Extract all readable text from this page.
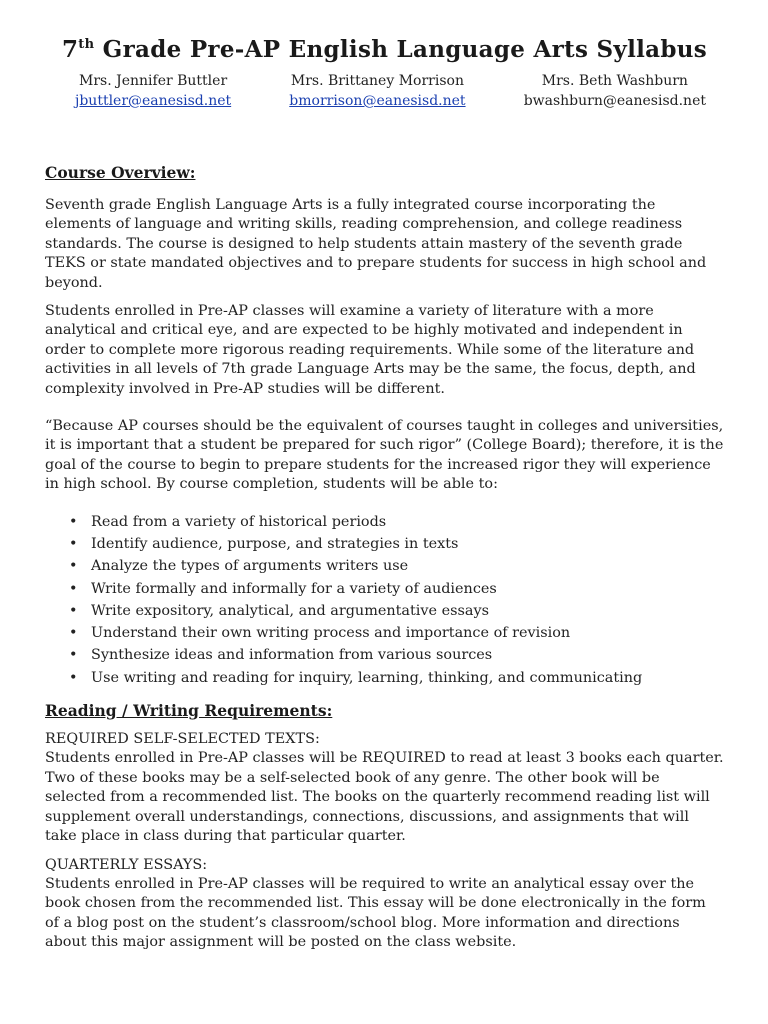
7th Grade Pre-AP English Language Arts Syllabus
Mrs. Jennifer Buttler
jbuttler@eanesisd.net
Mrs. Brittaney Morrison
bmorrison@eanesisd.net
Mrs. Beth Washburn
bwashburn@eanesisd.net
Course Overview:

Seventh grade English Language Arts is a fully integrated course incorporating the elements of language and writing skills, reading comprehension, and college readiness standards. The course is designed to help students attain mastery of the seventh grade TEKS or state mandated objectives and to prepare students for success in high school and beyond.

Students enrolled in Pre-AP classes will examine a variety of literature with a more analytical and critical eye, and are expected to be highly motivated and independent in order to complete more rigorous reading requirements. While some of the literature and activities in all levels of 7th grade Language Arts may be the same, the focus, depth, and complexity involved in Pre-AP studies will be different.

“Because AP courses should be the equivalent of courses taught in colleges and universities, it is important that a student be prepared for such rigor” (College Board); therefore, it is the goal of the course to begin to prepare students for the increased rigor they will experience in high school. By course completion, students will be able to:

• Read from a variety of historical periods
• Identify audience, purpose, and strategies in texts
• Analyze the types of arguments writers use
• Write formally and informally for a variety of audiences
• Write expository, analytical, and argumentative essays
• Understand their own writing process and importance of revision
• Synthesize ideas and information from various sources
• Use writing and reading for inquiry, learning, thinking, and communicating
Reading / Writing Requirements:

REQUIRED SELF-SELECTED TEXTS:
Students enrolled in Pre-AP classes will be REQUIRED to read at least 3 books each quarter. Two of these books may be a self-selected book of any genre. The other book will be selected from a recommended list. The books on the quarterly recommend reading list will supplement overall understandings, connections, discussions, and assignments that will take place in class during that particular quarter.

QUARTERLY ESSAYS:
Students enrolled in Pre-AP classes will be required to write an analytical essay over the book chosen from the recommended list. This essay will be done electronically in the form of a blog post on the student’s classroom/school blog. More information and directions about this major assignment will be posted on the class website.
